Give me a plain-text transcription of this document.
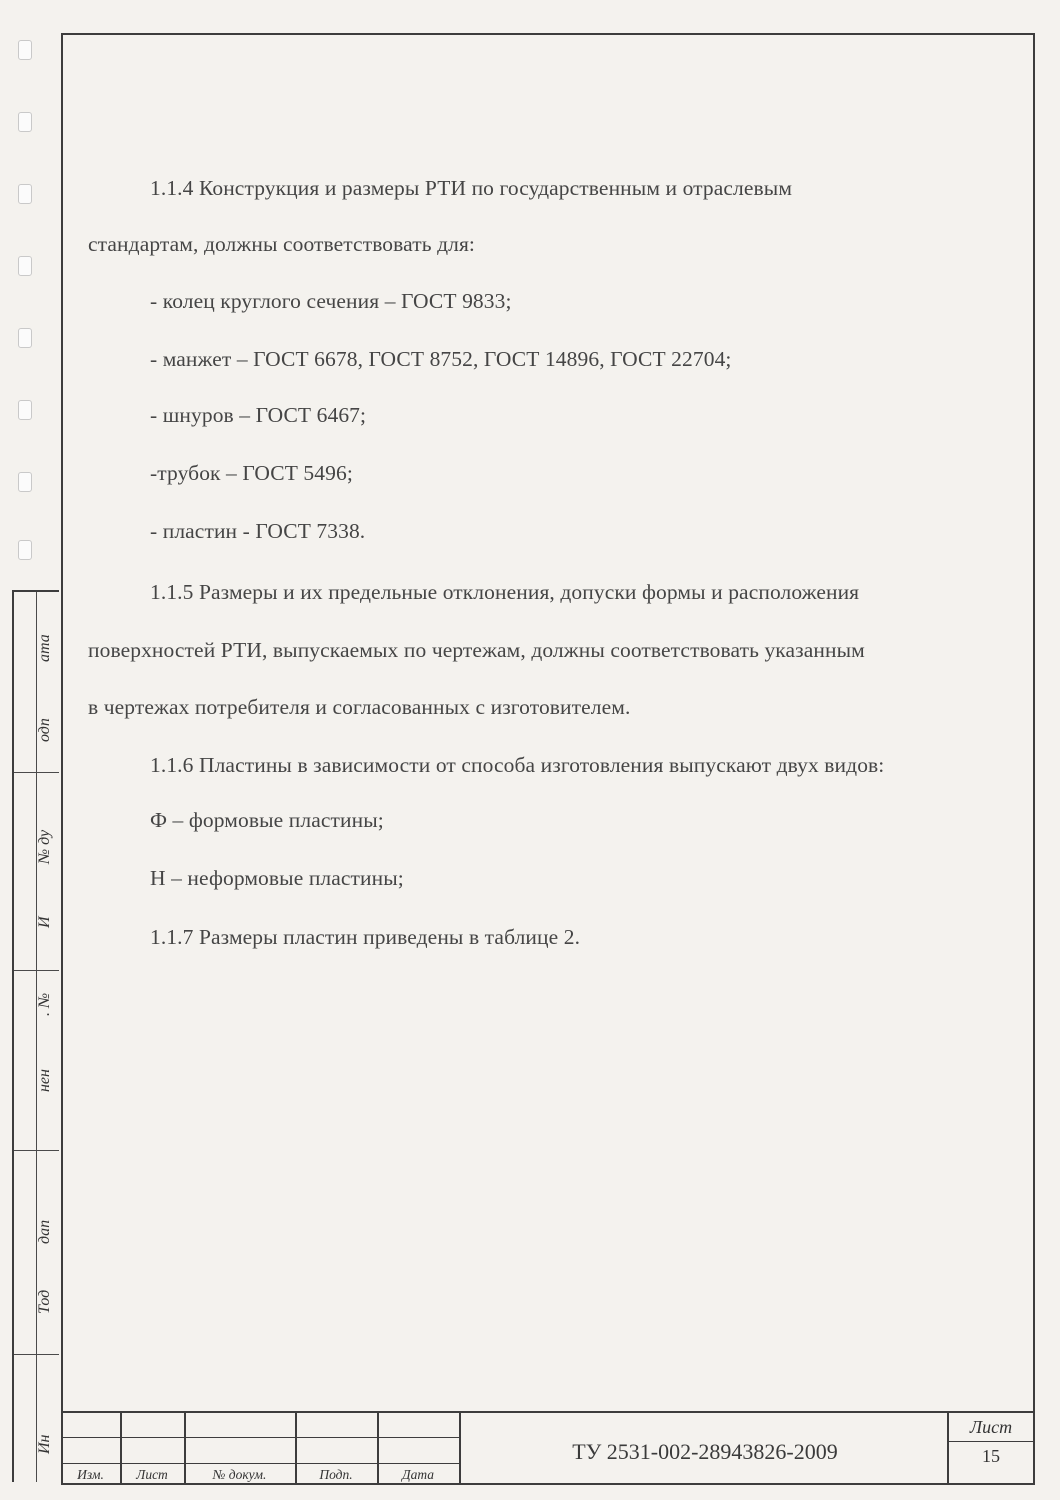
ата
одп
№ ду
И
. №
нен
дап
Тод
Ин
1.1.4 Конструкция и размеры РТИ по государственным и отраслевым
стандартам, должны соответствовать для:
- колец круглого сечения – ГОСТ 9833;
- манжет – ГОСТ 6678, ГОСТ 8752, ГОСТ 14896, ГОСТ 22704;
- шнуров – ГОСТ 6467;
-трубок – ГОСТ 5496;
- пластин - ГОСТ 7338.
1.1.5 Размеры и их предельные отклонения, допуски формы и расположения
поверхностей РТИ, выпускаемых по чертежам, должны соответствовать указанным
в чертежах потребителя и согласованных с изготовителем.
1.1.6 Пластины в зависимости от способа изготовления выпускают двух видов:
Ф – формовые пластины;
Н – неформовые пластины;
1.1.7 Размеры пластин приведены в таблице 2.
Изм.	Лист	№ докум.	Подп.	Дата
ТУ 2531-002-28943826-2009
Лист
15
